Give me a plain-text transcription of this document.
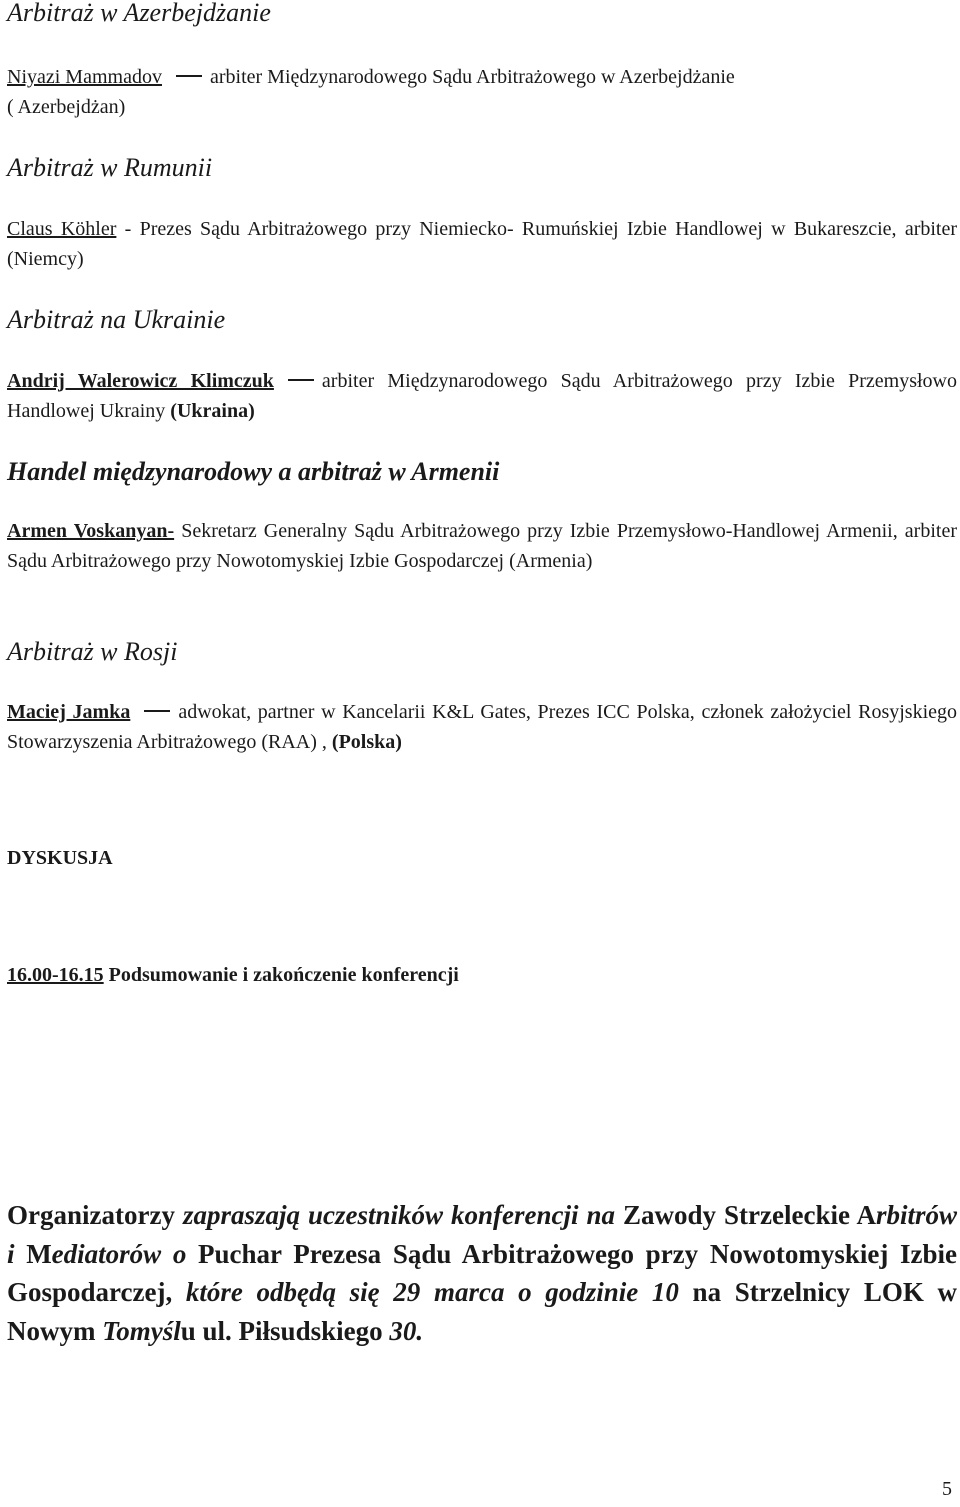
Arbitraż w Azerbejdżanie

Niyazi Mammadov arbiter Międzynarodowego Sądu Arbitrażowego w Azerbejdżanie
( Azerbejdżan)

Arbitraż w Rumunii

Claus Köhler - Prezes Sądu Arbitrażowego przy Niemiecko- Rumuńskiej Izbie Handlowej w Bukareszcie, arbiter (Niemcy)

Arbitraż na Ukrainie

Andrij Walerowicz Klimczuk arbiter Międzynarodowego Sądu Arbitrażowego przy Izbie Przemysłowo Handlowej Ukrainy (Ukraina)

Handel międzynarodowy a arbitraż w Armenii

Armen Voskanyan- Sekretarz Generalny Sądu Arbitrażowego przy Izbie Przemysłowo-Handlowej Armenii, arbiter Sądu Arbitrażowego przy Nowotomyskiej Izbie Gospodarczej (Armenia)

Arbitraż w Rosji

Maciej Jamka adwokat, partner w Kancelarii K&L Gates, Prezes ICC Polska, członek założyciel Rosyjskiego Stowarzyszenia Arbitrażowego (RAA) , (Polska)

DYSKUSJA
16.00-16.15 Podsumowanie i zakończenie konferencji

Organizatorzy zapraszają uczestników konferencji na Zawody Strzeleckie Arbitrów i Mediatorów o Puchar Prezesa Sądu Arbitrażowego przy Nowotomyskiej Izbie Gospodarczej, które odbędą się 29 marca o godzinie 10 na Strzelnicy LOK w Nowym Tomyślu ul. Piłsudskiego 30.

5
